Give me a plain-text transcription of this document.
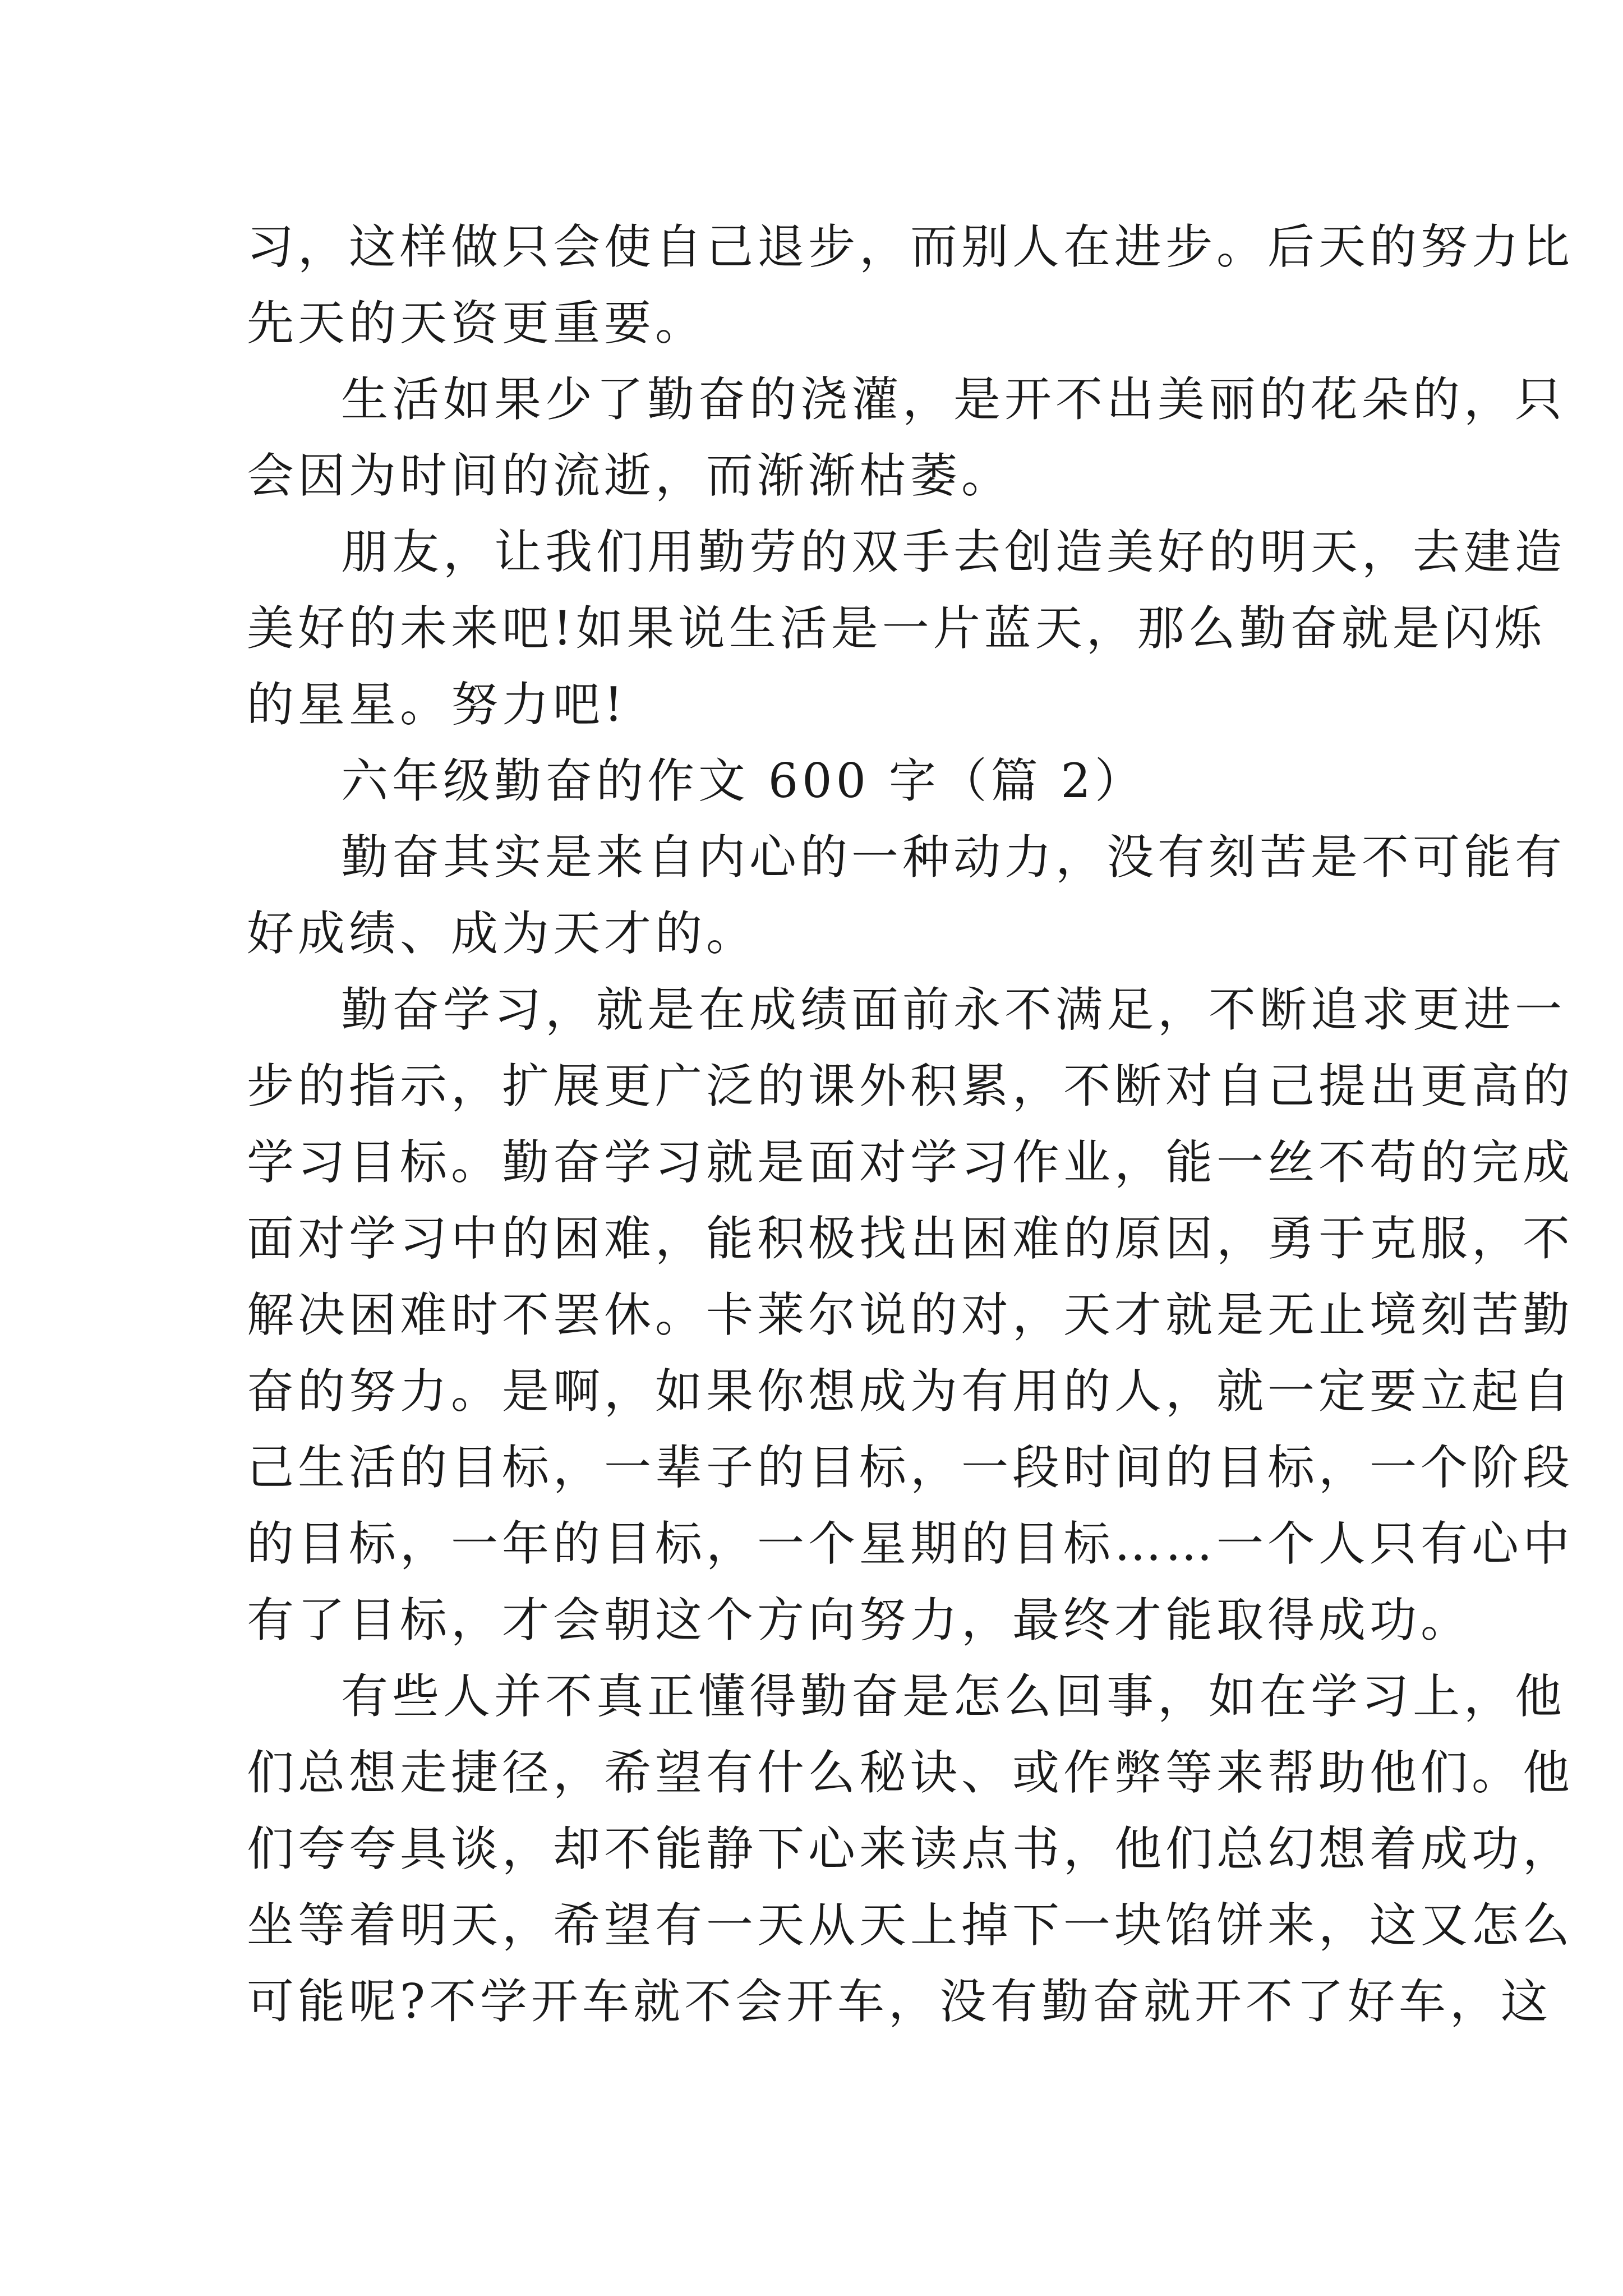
习，这样做只会使自己退步，而别人在进步。后天的努力比
先天的天资更重要。
生活如果少了勤奋的浇灌，是开不出美丽的花朵的，只
会因为时间的流逝，而渐渐枯萎。
朋友，让我们用勤劳的双手去创造美好的明天，去建造
美好的未来吧!如果说生活是一片蓝天，那么勤奋就是闪烁
的星星。努力吧!
六年级勤奋的作文 600 字（篇 2）
勤奋其实是来自内心的一种动力，没有刻苦是不可能有
好成绩、成为天才的。
勤奋学习，就是在成绩面前永不满足，不断追求更进一
步的指示，扩展更广泛的课外积累，不断对自己提出更高的
学习目标。勤奋学习就是面对学习作业，能一丝不苟的完成
面对学习中的困难，能积极找出困难的原因，勇于克服，不
解决困难时不罢休。卡莱尔说的对，天才就是无止境刻苦勤
奋的努力。是啊，如果你想成为有用的人，就一定要立起自
己生活的目标，一辈子的目标，一段时间的目标，一个阶段
的目标，一年的目标，一个星期的目标……一个人只有心中
有了目标，才会朝这个方向努力，最终才能取得成功。
有些人并不真正懂得勤奋是怎么回事，如在学习上，他
们总想走捷径，希望有什么秘诀、或作弊等来帮助他们。他
们夸夸具谈，却不能静下心来读点书，他们总幻想着成功，
坐等着明天，希望有一天从天上掉下一块馅饼来，这又怎么
可能呢?不学开车就不会开车，没有勤奋就开不了好车，这
